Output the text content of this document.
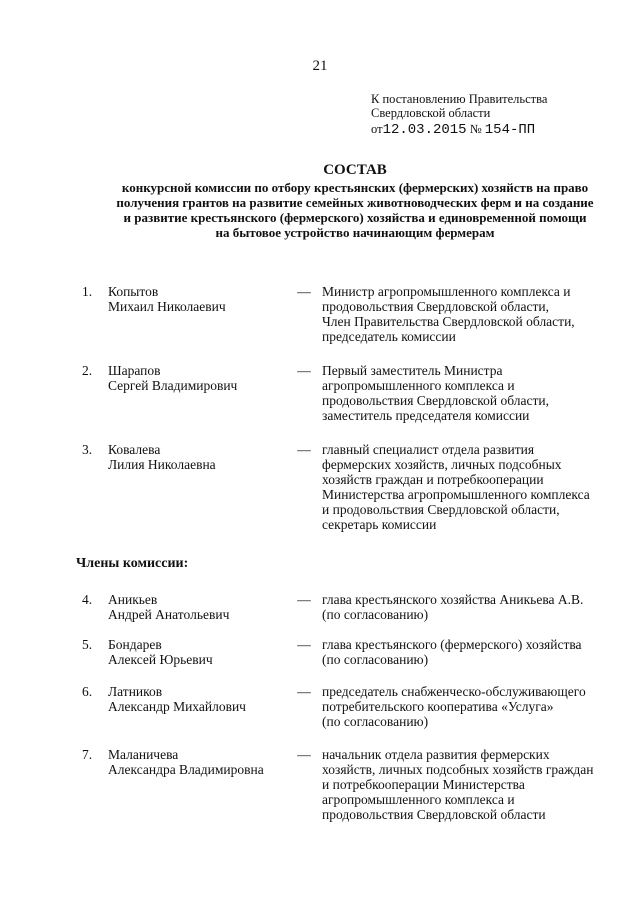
21
К постановлению Правительства
Свердловской области
от12.03.2015 № 154-ПП
СОСТАВ
конкурсной комиссии по отбору крестьянских (фермерских) хозяйств на право
получения грантов на развитие семейных животноводческих ферм и на создание
и развитие крестьянского (фермерского) хозяйства и единовременной помощи
на бытовое устройство начинающим фермерам
Члены комиссии:
1.	Копытов
Михаил Николаевич
— Министр агропромышленного комплекса и
продовольствия Свердловской области,
Член Правительства Свердловской области,
председатель комиссии
2.	Шарапов
Сергей Владимирович
— Первый заместитель Министра
агропромышленного комплекса и
продовольствия Свердловской области,
заместитель председателя комиссии
3.	Ковалева
Лилия Николаевна
— главный специалист отдела развития
фермерских хозяйств, личных подсобных
хозяйств граждан и потребкооперации
Министерства агропромышленного комплекса
и продовольствия Свердловской области,
секретарь комиссии
4.	Аникьев
Андрей Анатольевич
— глава крестьянского хозяйства Аникьева А.В.
(по согласованию)
5.	Бондарев
Алексей Юрьевич
— глава крестьянского (фермерского) хозяйства
(по согласованию)
6.	Латников
Александр Михайлович
— председатель снабженческо-обслуживающего
потребительского кооператива «Услуга»
(по согласованию)
7.	Маланичева
Александра Владимировна
— начальник отдела развития фермерских
хозяйств, личных подсобных хозяйств граждан
и потребкооперации Министерства
агропромышленного комплекса и
продовольствия Свердловской области
